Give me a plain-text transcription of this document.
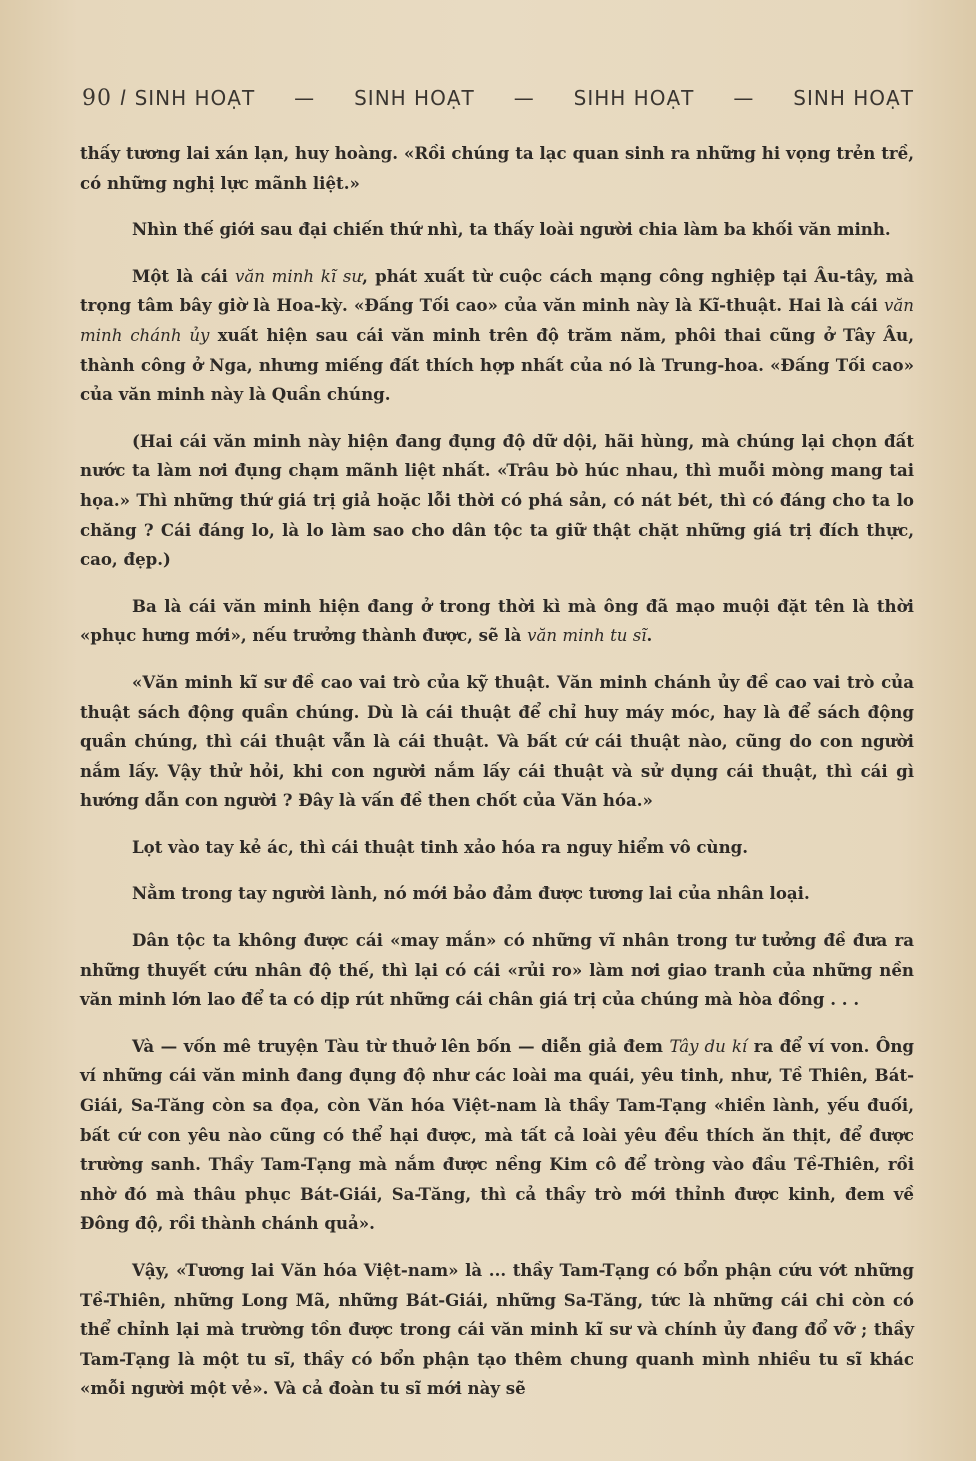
90 l SINH HOẠT — SINH HOẠT — SIHH HOẠT — SINH HOẠT

thấy tương lai xán lạn, huy hoàng. «Rồi chúng ta lạc quan sinh ra những hi vọng trẻn trề, có những nghị lực mãnh liệt.»

Nhìn thế giới sau đại chiến thứ nhì, ta thấy loài người chia làm ba khối văn minh.

Một là cái văn minh kĩ sư, phát xuất từ cuộc cách mạng công nghiệp tại Âu-tây, mà trọng tâm bây giờ là Hoa-kỳ. «Đấng Tối cao» của văn minh này là Kĩ-thuật. Hai là cái văn minh chánh ủy xuất hiện sau cái văn minh trên độ trăm năm, phôi thai cũng ở Tây Âu, thành công ở Nga, nhưng miếng đất thích hợp nhất của nó là Trung-hoa. «Đấng Tối cao» của văn minh này là Quần chúng.

(Hai cái văn minh này hiện đang đụng độ dữ dội, hãi hùng, mà chúng lại chọn đất nước ta làm nơi đụng chạm mãnh liệt nhất. «Trâu bò húc nhau, thì muỗi mòng mang tai họa.» Thì những thứ giá trị giả hoặc lỗi thời có phá sản, có nát bét, thì có đáng cho ta lo chăng ? Cái đáng lo, là lo làm sao cho dân tộc ta giữ thật chặt những giá trị đích thực, cao, đẹp.)

Ba là cái văn minh hiện đang ở trong thời kì mà ông đã mạo muội đặt tên là thời «phục hưng mới», nếu trưởng thành được, sẽ là văn minh tu sĩ.

«Văn minh kĩ sư đề cao vai trò của kỹ thuật. Văn minh chánh ủy đề cao vai trò của thuật sách động quần chúng. Dù là cái thuật để chỉ huy máy móc, hay là để sách động quần chúng, thì cái thuật vẫn là cái thuật. Và bất cứ cái thuật nào, cũng do con người nắm lấy. Vậy thử hỏi, khi con người nắm lấy cái thuật và sử dụng cái thuật, thì cái gì hướng dẫn con người ? Đây là vấn đề then chốt của Văn hóa.»

Lọt vào tay kẻ ác, thì cái thuật tinh xảo hóa ra nguy hiểm vô cùng.

Nằm trong tay người lành, nó mới bảo đảm được tương lai của nhân loại.

Dân tộc ta không được cái «may mắn» có những vĩ nhân trong tư tưởng đề đưa ra những thuyết cứu nhân độ thế, thì lại có cái «rủi ro» làm nơi giao tranh của những nền văn minh lớn lao để ta có dịp rút những cái chân giá trị của chúng mà hòa đồng . . .

Và — vốn mê truyện Tàu từ thuở lên bốn — diễn giả đem Tây du kí ra để ví von. Ông ví những cái văn minh đang đụng độ như các loài ma quái, yêu tinh, như, Tề Thiên, Bát-Giái, Sa-Tăng còn sa đọa, còn Văn hóa Việt-nam là thầy Tam-Tạng «hiền lành, yếu đuối, bất cứ con yêu nào cũng có thể hại được, mà tất cả loài yêu đều thích ăn thịt, để được trường sanh. Thầy Tam-Tạng mà nắm được nềng Kim cô để tròng vào đầu Tề-Thiên, rồi nhờ đó mà thâu phục Bát-Giái, Sa-Tăng, thì cả thầy trò mới thỉnh được kinh, đem về Đông độ, rồi thành chánh quả».

Vậy, «Tương lai Văn hóa Việt-nam» là ... thầy Tam-Tạng có bổn phận cứu vớt những Tề-Thiên, những Long Mã, những Bát-Giái, những Sa-Tăng, tức là những cái chi còn có thể chỉnh lại mà trường tồn được trong cái văn minh kĩ sư và chính ủy đang đổ vỡ ; thầy Tam-Tạng là một tu sĩ, thầy có bổn phận tạo thêm chung quanh mình nhiều tu sĩ khác «mỗi người một vẻ». Và cả đoàn tu sĩ mới này sẽ
